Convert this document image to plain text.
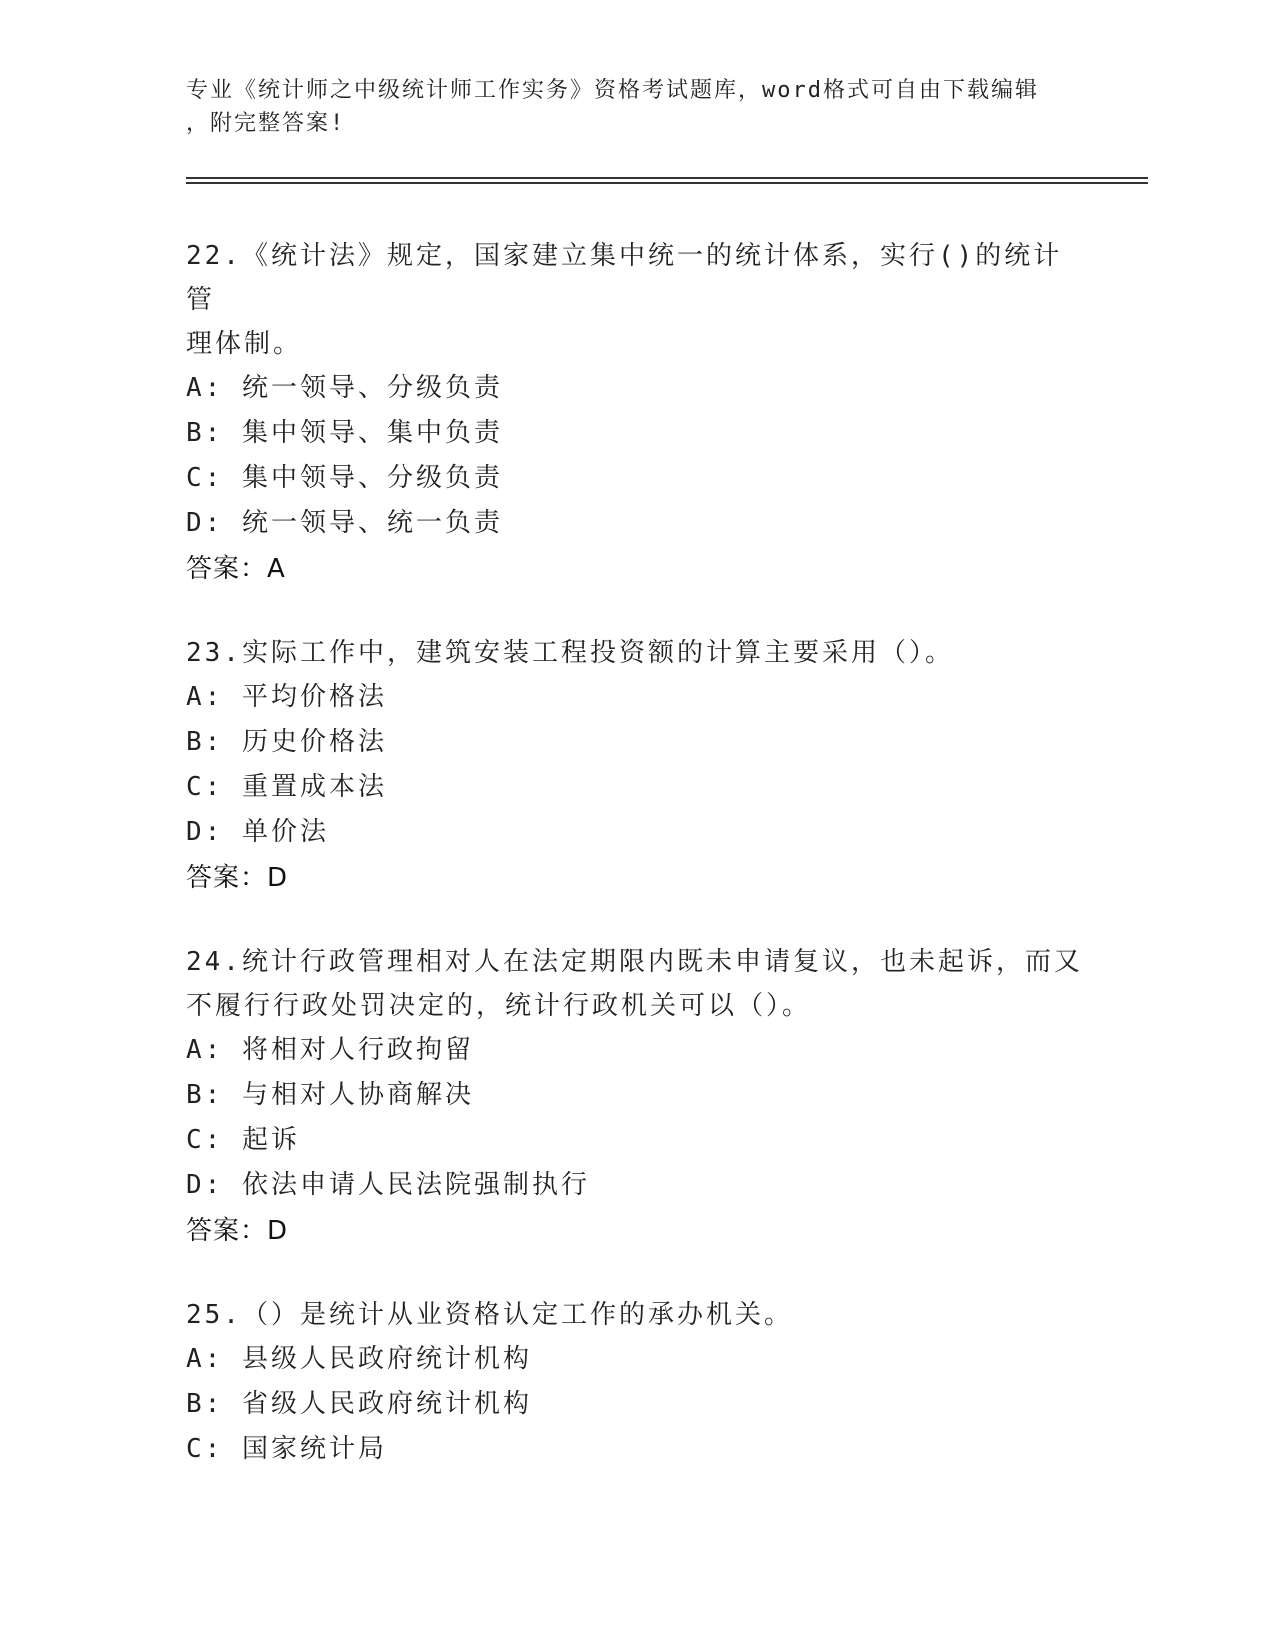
专业《统计师之中级统计师工作实务》资格考试题库，word格式可自由下载编辑
，附完整答案!
22.《统计法》规定，国家建立集中统一的统计体系，实行()的统计管
理体制。
A: 统一领导、分级负责
B: 集中领导、集中负责
C: 集中领导、分级负责
D: 统一领导、统一负责
答案：A
23.实际工作中，建筑安装工程投资额的计算主要采用（）。
A: 平均价格法
B: 历史价格法
C: 重置成本法
D: 单价法
答案：D
24.统计行政管理相对人在法定期限内既未申请复议，也未起诉，而又
不履行行政处罚决定的，统计行政机关可以（）。
A: 将相对人行政拘留
B: 与相对人协商解决
C: 起诉
D: 依法申请人民法院强制执行
答案：D
25.（）是统计从业资格认定工作的承办机关。
A: 县级人民政府统计机构
B: 省级人民政府统计机构
C: 国家统计局
